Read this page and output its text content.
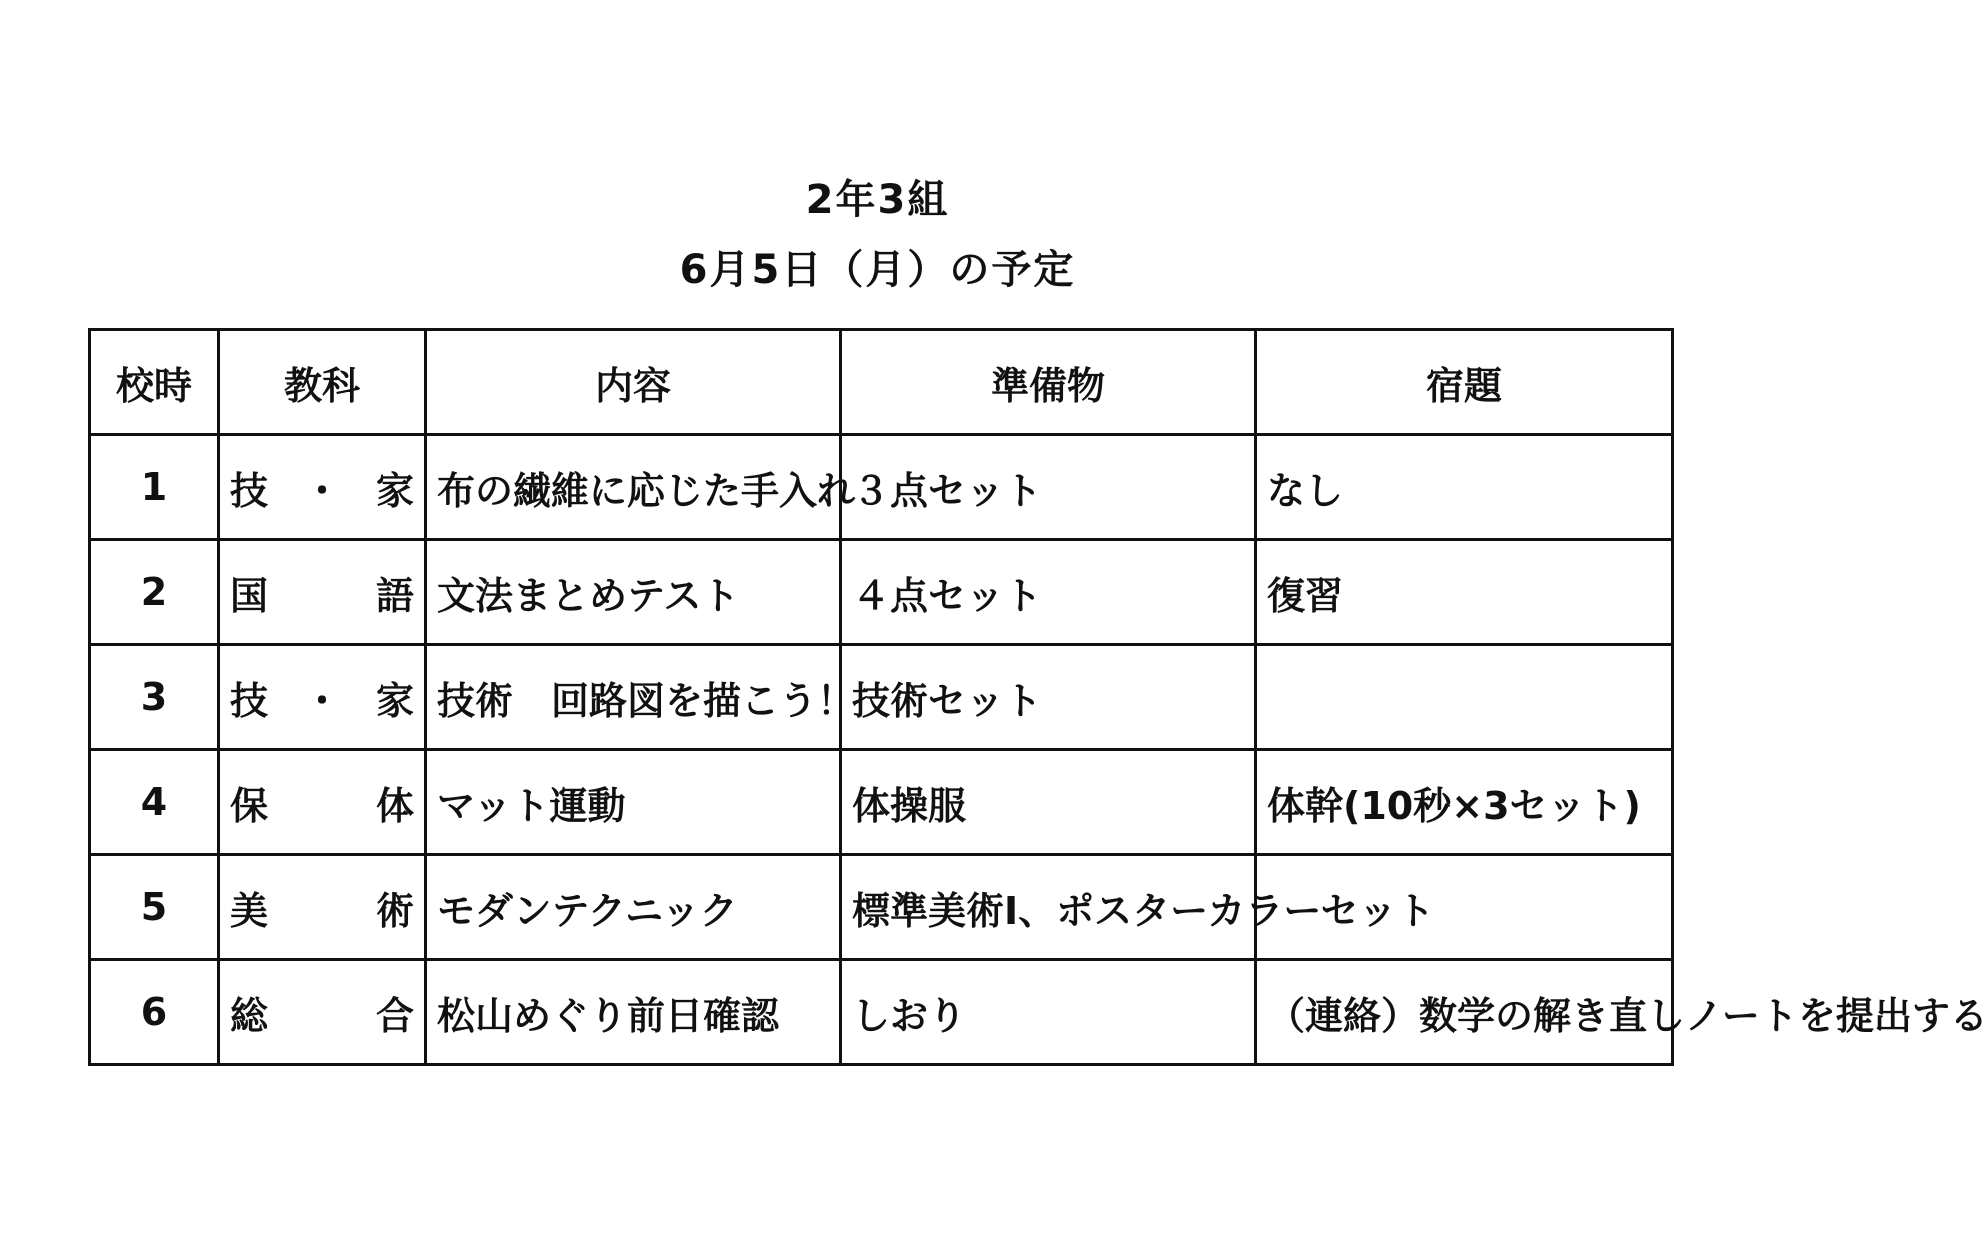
2年3組
6月5日（月）の予定
校時	教科	内容	準備物	宿題
1	技 ・ 家	布の繊維に応じた手入れ	３点セット	なし
2	国 語	文法まとめテスト	４点セット	復習
3	技 ・ 家	技術　回路図を描こう！	技術セット	
4	保 体	マット運動	体操服	体幹(10秒×3セット)
5	美 術	モダンテクニック	標準美術Ⅰ、ポスターカラーセット	
6	総 合	松山めぐり前日確認	しおり	（連絡）数学の解き直しノートを提出する
